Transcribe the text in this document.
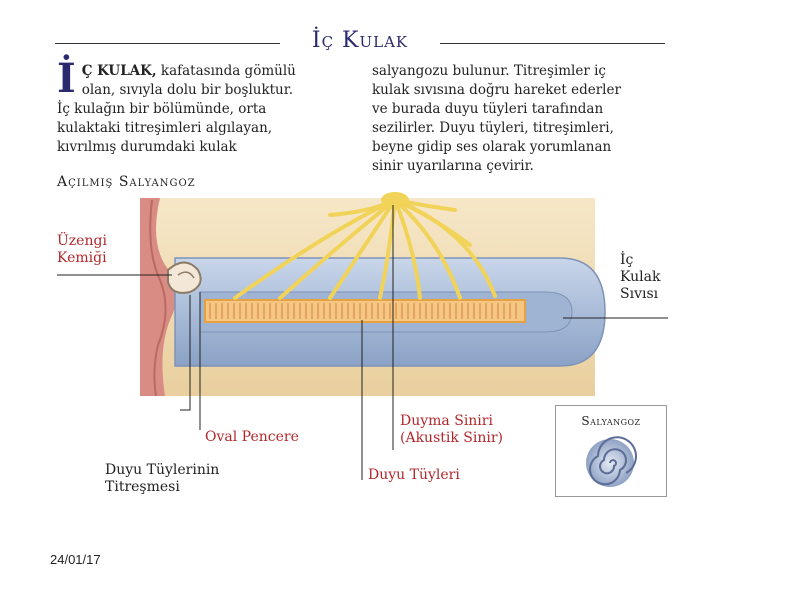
İç Kulak
İ Ç KULAK, kafatasında gömülü

olan, sıvıyla dolu bir boşluktur.

İç kulağın bir bölümünde, orta

kulaktaki titreşimleri algılayan,

kıvrılmış durumdaki kulak

salyangozu bulunur. Titreşimler iç

kulak sıvısına doğru hareket ederler

ve burada duyu tüyleri tarafından

sezilirler. Duyu tüyleri, titreşimleri,

beyne gidip ses olarak yorumlanan

sinir uyarılarına çevirir.

Açılmış Salyangoz
Üzengi
Kemiği	İç
Kulak
Sıvısı
Oval Pencere
Duyma Siniri
(Akustik Sinir)
Duyu Tüyleri
Duyu Tüylerinin
Titreşmesi
Salyangoz
24/01/17
